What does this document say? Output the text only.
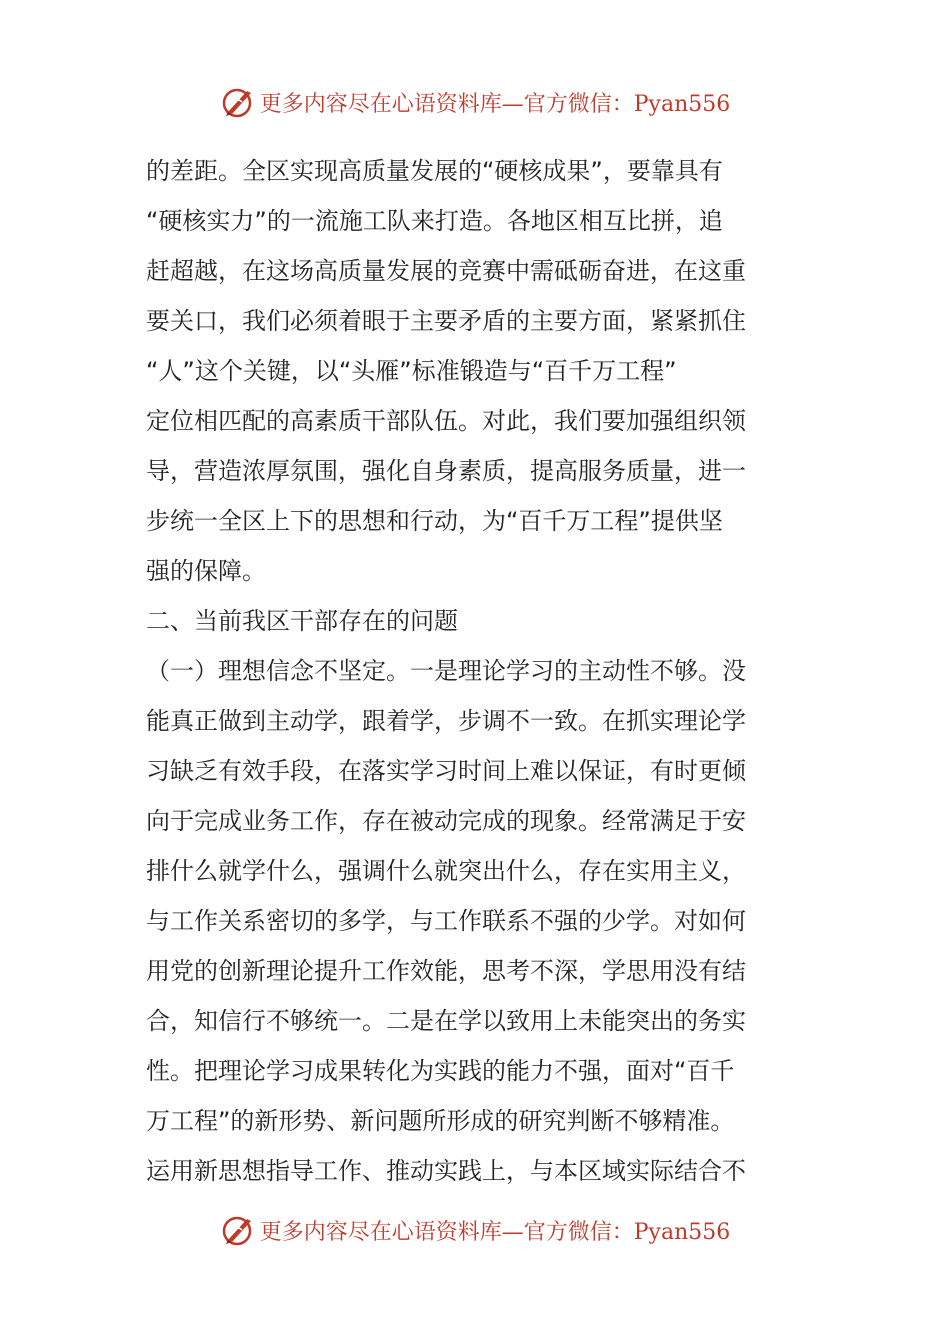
更多内容尽在心语资料库—官方微信：Pyan556
的差距。全区实现高质量发展的“硬核成果”，要靠具有
“硬核实力”的一流施工队来打造。各地区相互比拼，追
赶超越，在这场高质量发展的竞赛中需砥砺奋进，在这重
要关口，我们必须着眼于主要矛盾的主要方面，紧紧抓住
“人”这个关键，以“头雁”标准锻造与“百千万工程”
定位相匹配的高素质干部队伍。对此，我们要加强组织领
导，营造浓厚氛围，强化自身素质，提高服务质量，进一
步统一全区上下的思想和行动，为“百千万工程”提供坚
强的保障。
二、当前我区干部存在的问题
（一）理想信念不坚定。一是理论学习的主动性不够。没
能真正做到主动学，跟着学，步调不一致。在抓实理论学
习缺乏有效手段，在落实学习时间上难以保证，有时更倾
向于完成业务工作，存在被动完成的现象。经常满足于安
排什么就学什么，强调什么就突出什么，存在实用主义，
与工作关系密切的多学，与工作联系不强的少学。对如何
用党的创新理论提升工作效能，思考不深，学思用没有结
合，知信行不够统一。二是在学以致用上未能突出的务实
性。把理论学习成果转化为实践的能力不强，面对“百千
万工程”的新形势、新问题所形成的研究判断不够精准。
运用新思想指导工作、推动实践上，与本区域实际结合不
更多内容尽在心语资料库—官方微信：Pyan556
